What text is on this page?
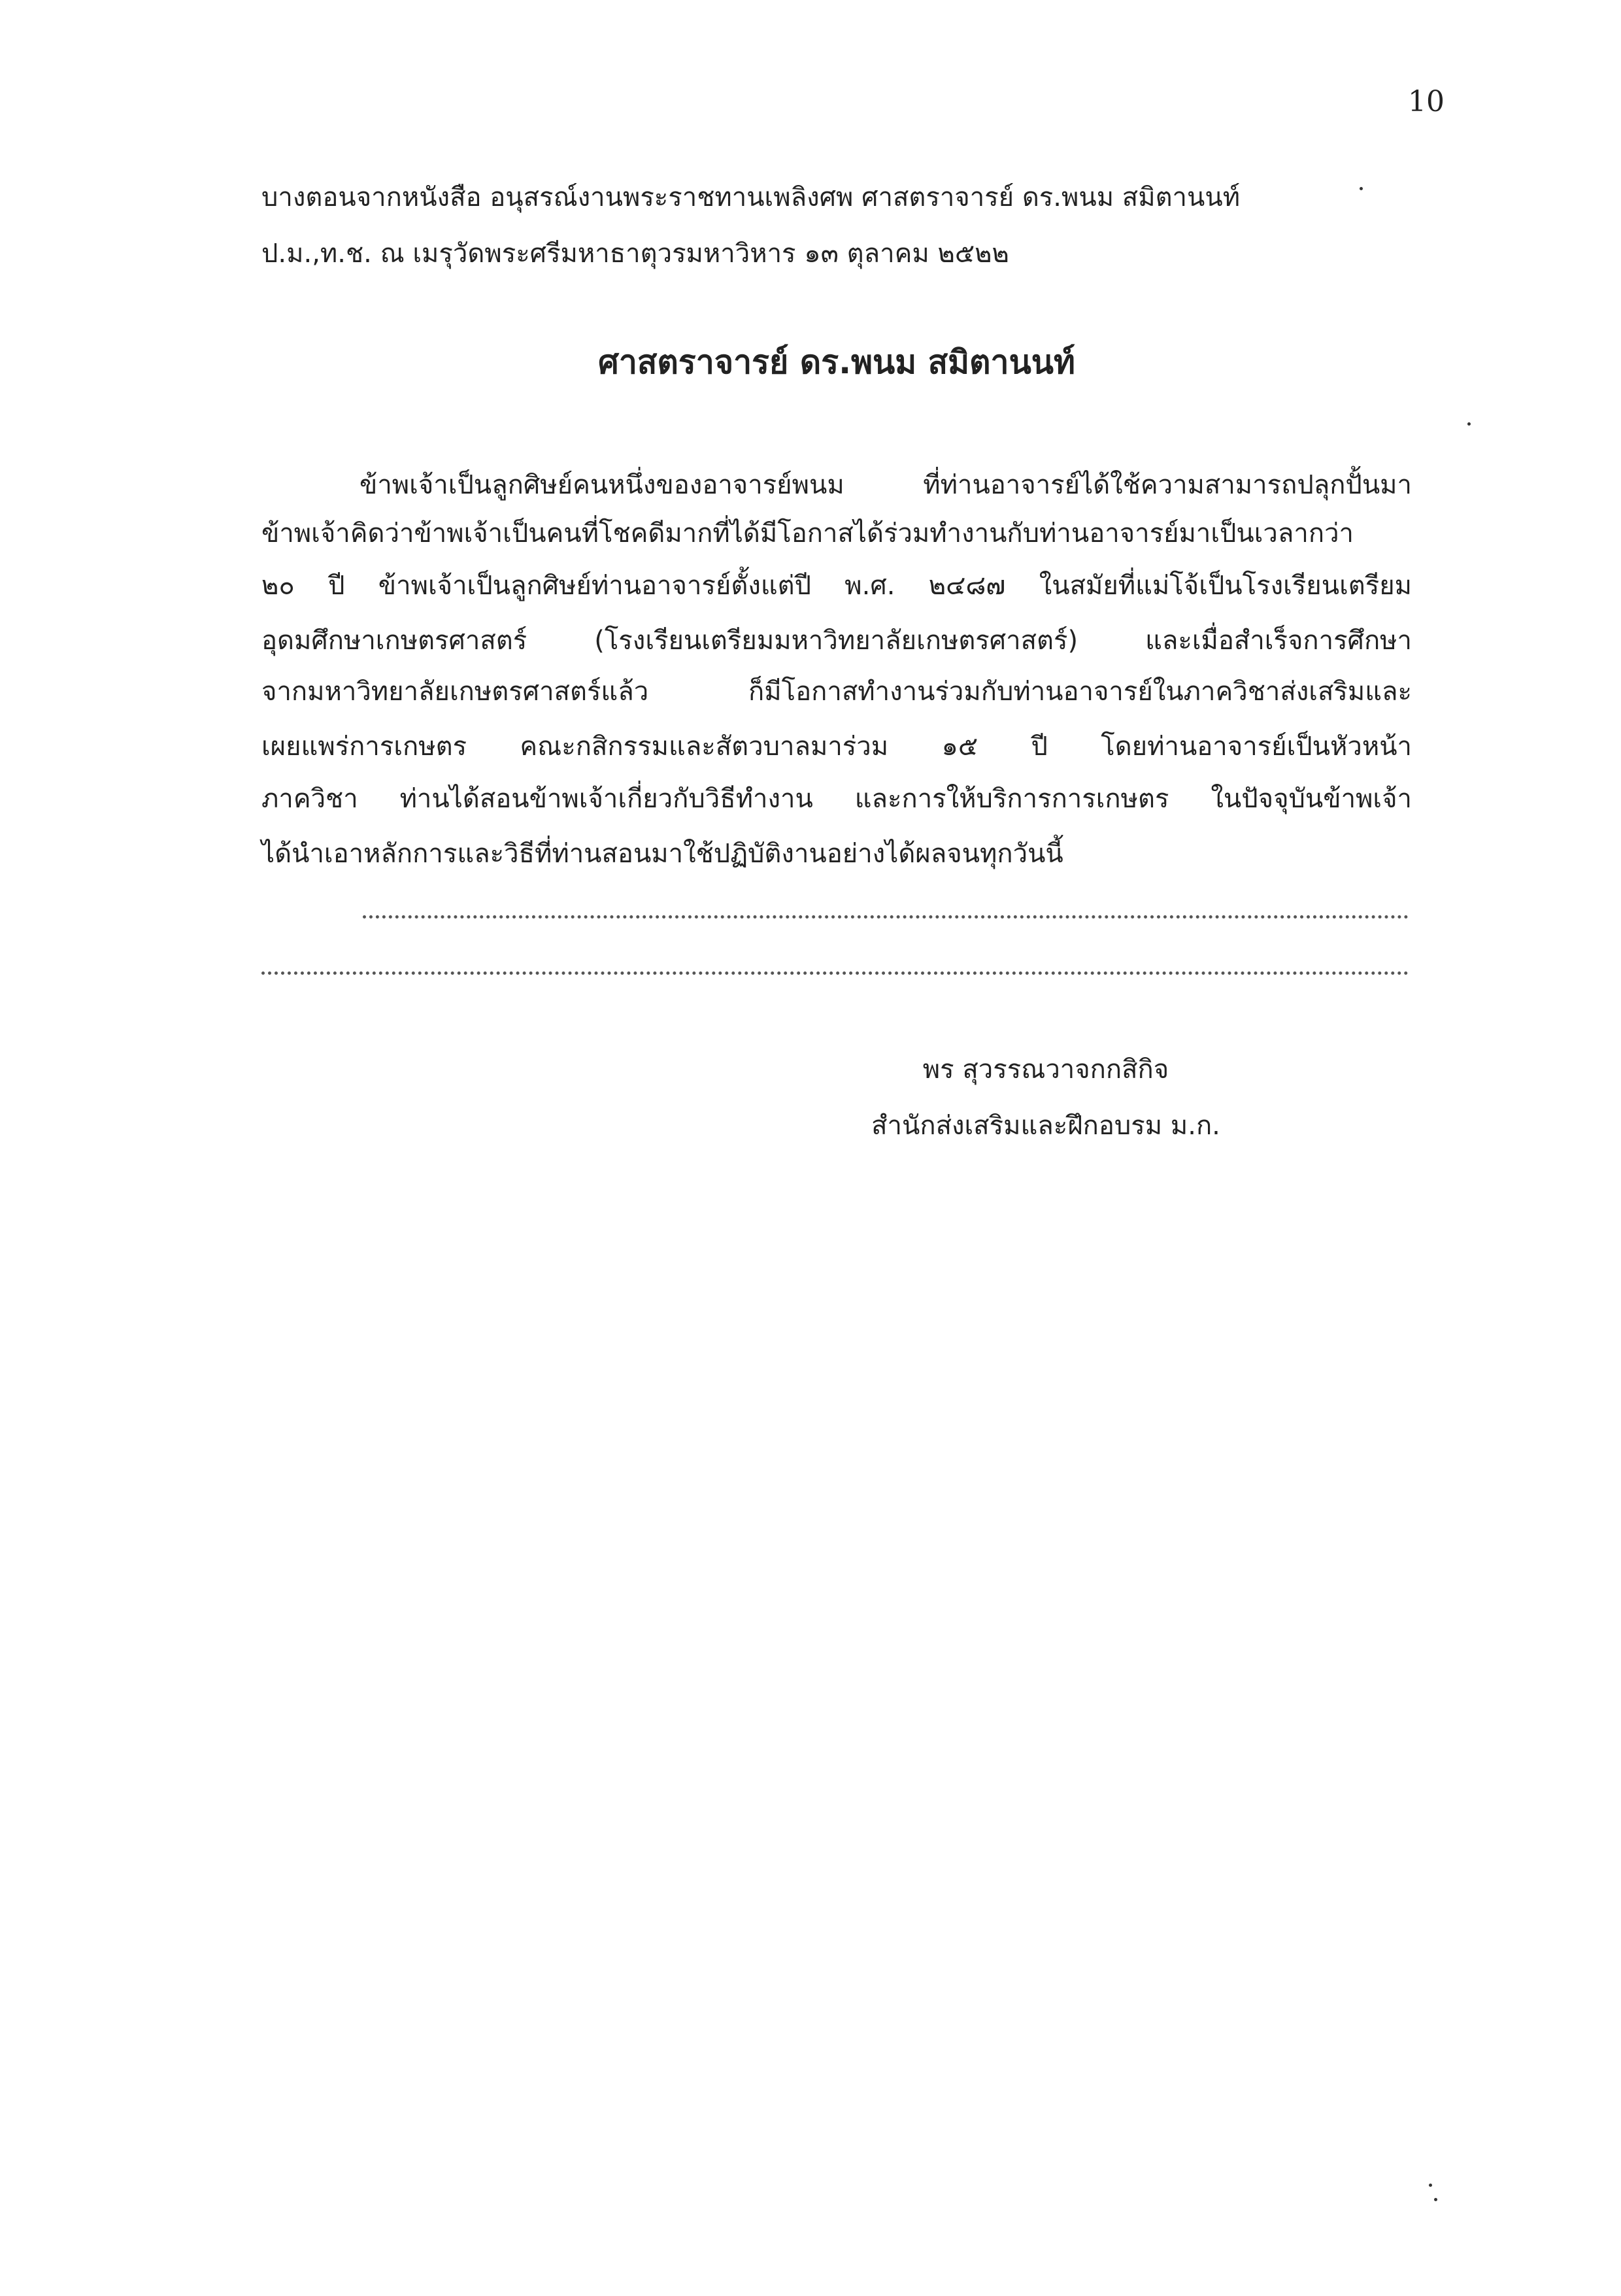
10
บางตอนจากหนังสือ อนุสรณ์งานพระราชทานเพลิงศพ ศาสตราจารย์ ดร.พนม สมิตานนท์
ป.ม.,ท.ช. ณ เมรุวัดพระศรีมหาธาตุวรมหาวิหาร ๑๓ ตุลาคม ๒๕๒๒
ศาสตราจารย์ ดร.พนม สมิตานนท์
ข้าพเจ้าเป็นลูกศิษย์คนหนึ่งของอาจารย์พนม ที่ท่านอาจารย์ได้ใช้ความสามารถปลุกปั้นมา
ข้าพเจ้าคิดว่าข้าพเจ้าเป็นคนที่โชคดีมากที่ได้มีโอกาสได้ร่วมทำงานกับท่านอาจารย์มาเป็นเวลากว่า
๒๐ ปี ข้าพเจ้าเป็นลูกศิษย์ท่านอาจารย์ตั้งแต่ปี พ.ศ. ๒๔๘๗ ในสมัยที่แม่โจ้เป็นโรงเรียนเตรียม
อุดมศึกษาเกษตรศาสตร์ (โรงเรียนเตรียมมหาวิทยาลัยเกษตรศาสตร์) และเมื่อสำเร็จการศึกษา
จากมหาวิทยาลัยเกษตรศาสตร์แล้ว ก็มีโอกาสทำงานร่วมกับท่านอาจารย์ในภาควิชาส่งเสริมและ
เผยแพร่การเกษตร คณะกสิกรรมและสัตวบาลมาร่วม ๑๕ ปี โดยท่านอาจารย์เป็นหัวหน้า
ภาควิชา ท่านได้สอนข้าพเจ้าเกี่ยวกับวิธีทำงาน และการให้บริการการเกษตร ในปัจจุบันข้าพเจ้า
ได้นำเอาหลักการและวิธีที่ท่านสอนมาใช้ปฏิบัติงานอย่างได้ผลจนทุกวันนี้
พร สุวรรณวาจกกสิกิจ
สำนักส่งเสริมและฝึกอบรม ม.ก.
